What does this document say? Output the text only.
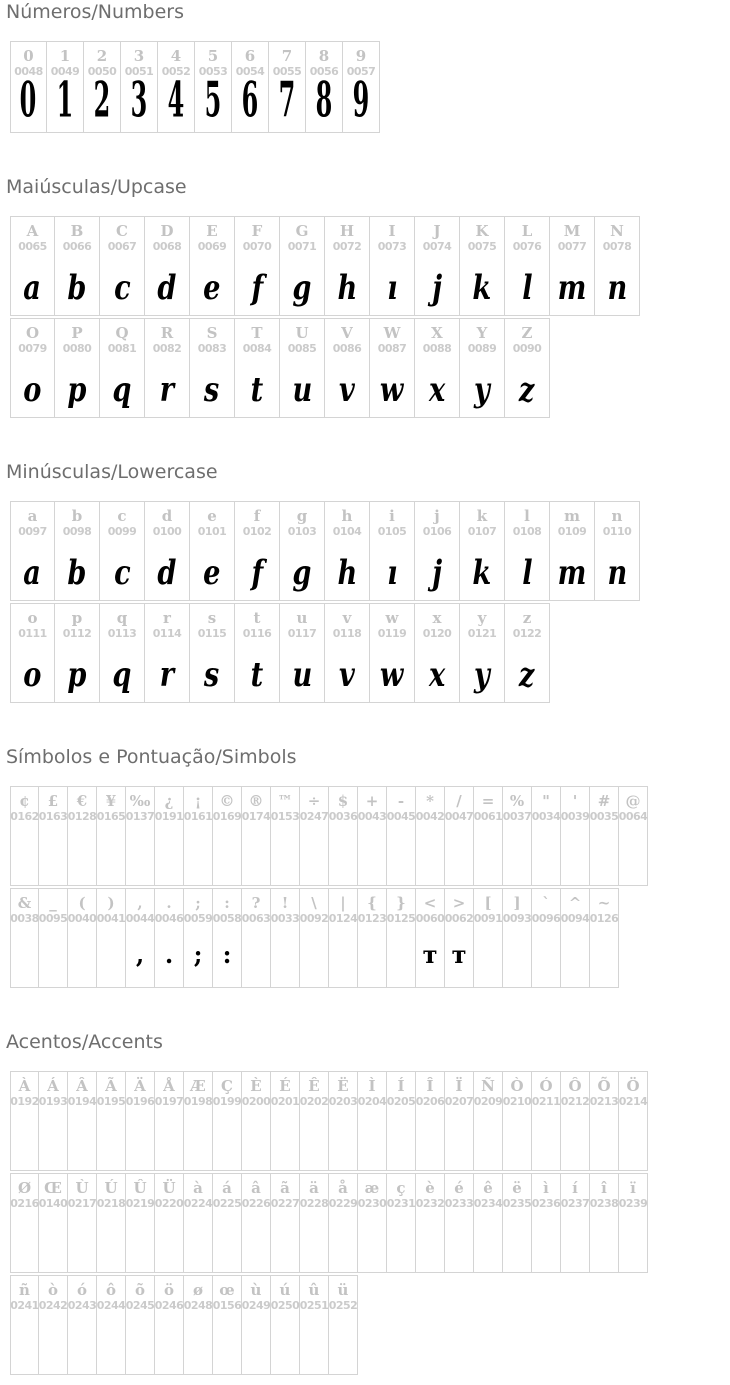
Números/Numbers
0
0048
0
1
0049
1
2
0050
2
3
0051
3
4
0052
4
5
0053
5
6
0054
6
7
0055
7
8
0056
8
9
0057
9
Maiúsculas/Upcase
A
0065
a
B
0066
b
C
0067
c
D
0068
d
E
0069
e
F
0070
f
G
0071
g
H
0072
h
I
0073
ı
J
0074
j
K
0075
k
L
0076
l
M
0077
m
N
0078
n
O
0079
o
P
0080
p
Q
0081
q
R
0082
r
S
0083
s
T
0084
t
U
0085
u
V
0086
v
W
0087
w
X
0088
x
Y
0089
y
Z
0090
z
Minúsculas/Lowercase
a
0097
a
b
0098
b
c
0099
c
d
0100
d
e
0101
e
f
0102
f
g
0103
g
h
0104
h
i
0105
ı
j
0106
j
k
0107
k
l
0108
l
m
0109
m
n
0110
n
o
0111
o
p
0112
p
q
0113
q
r
0114
r
s
0115
s
t
0116
t
u
0117
u
v
0118
v
w
0119
w
x
0120
x
y
0121
y
z
0122
z
Símbolos e Pontuação/Simbols
¢
0162
£
0163
€
0128
¥
0165
‰
0137
¿
0191
¡
0161
©
0169
®
0174
™
0153
÷
0247
$
0036
+
0043
-
0045
*
0042
/
0047
=
0061
%
0037
"
0034
'
0039
#
0035
@
0064
&
0038
_
0095
(
0040
)
0041
,
0044
,
.
0046
.
;
0059
;
:
0058
:
?
0063
!
0033
\
0092
|
0124
{
0123
}
0125
<
0060
ᴛ
>
0062
ᴛ
[
0091
]
0093
`
0096
^
0094
~
0126
Acentos/Accents
À
0192
Á
0193
Â
0194
Ã
0195
Ä
0196
Å
0197
Æ
0198
Ç
0199
È
0200
É
0201
Ê
0202
Ë
0203
Ì
0204
Í
0205
Î
0206
Ï
0207
Ñ
0209
Ò
0210
Ó
0211
Ô
0212
Õ
0213
Ö
0214
Ø
0216
Œ
0140
Ù
0217
Ú
0218
Û
0219
Ü
0220
à
0224
á
0225
â
0226
ã
0227
ä
0228
å
0229
æ
0230
ç
0231
è
0232
é
0233
ê
0234
ë
0235
ì
0236
í
0237
î
0238
ï
0239
ñ
0241
ò
0242
ó
0243
ô
0244
õ
0245
ö
0246
ø
0248
œ
0156
ù
0249
ú
0250
û
0251
ü
0252
